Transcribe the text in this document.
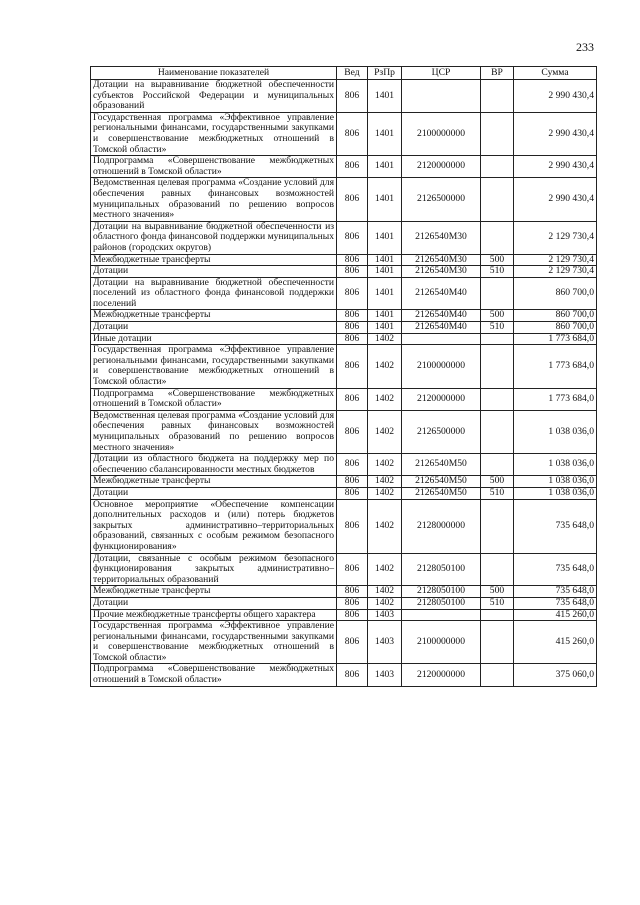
233
Наименование показателей	Вед	РзПр	ЦСР	ВР	Сумма
Дотации на выравнивание бюджетной обеспеченности субъектов Российской Федерации и муниципальных образований	806	1401			2 990 430,4
Государственная программа «Эффективное управление региональными финансами, государственными закупками и совершенствование межбюджетных отношений в Томской области»	806	1401	2100000000		2 990 430,4
Подпрограмма «Совершенствование межбюджетных отношений в Томской области»	806	1401	2120000000		2 990 430,4
Ведомственная целевая программа «Создание условий для обеспечения равных финансовых возможностей муниципальных образований по решению вопросов местного значения»	806	1401	2126500000		2 990 430,4
Дотации на выравнивание бюджетной обеспеченности из областного фонда финансовой поддержки муниципальных районов (городских округов)	806	1401	2126540М30		2 129 730,4
Межбюджетные трансферты	806	1401	2126540М30	500	2 129 730,4
Дотации	806	1401	2126540М30	510	2 129 730,4
Дотации на выравнивание бюджетной обеспеченности поселений из областного фонда финансовой поддержки поселений	806	1401	2126540М40		860 700,0
Межбюджетные трансферты	806	1401	2126540М40	500	860 700,0
Дотации	806	1401	2126540М40	510	860 700,0
Иные дотации	806	1402			1 773 684,0
Государственная программа «Эффективное управление региональными финансами, государственными закупками и совершенствование межбюджетных отношений в Томской области»	806	1402	2100000000		1 773 684,0
Подпрограмма «Совершенствование межбюджетных отношений в Томской области»	806	1402	2120000000		1 773 684,0
Ведомственная целевая программа «Создание условий для обеспечения равных финансовых возможностей муниципальных образований по решению вопросов местного значения»	806	1402	2126500000		1 038 036,0
Дотации из областного бюджета на поддержку мер по обеспечению сбалансированности местных бюджетов	806	1402	2126540М50		1 038 036,0
Межбюджетные трансферты	806	1402	2126540М50	500	1 038 036,0
Дотации	806	1402	2126540М50	510	1 038 036,0
Основное мероприятие «Обеспечение компенсации дополнительных расходов и (или) потерь бюджетов закрытых административно–территориальных образований, связанных с особым режимом безопасного функционирования»	806	1402	2128000000		735 648,0
Дотации, связанные с особым режимом безопасного функционирования закрытых административно–территориальных образований	806	1402	2128050100		735 648,0
Межбюджетные трансферты	806	1402	2128050100	500	735 648,0
Дотации	806	1402	2128050100	510	735 648,0
Прочие межбюджетные трансферты общего характера	806	1403			415 260,0
Государственная программа «Эффективное управление региональными финансами, государственными закупками и совершенствование межбюджетных отношений в Томской области»	806	1403	2100000000		415 260,0
Подпрограмма «Совершенствование межбюджетных отношений в Томской области»	806	1403	2120000000		375 060,0
